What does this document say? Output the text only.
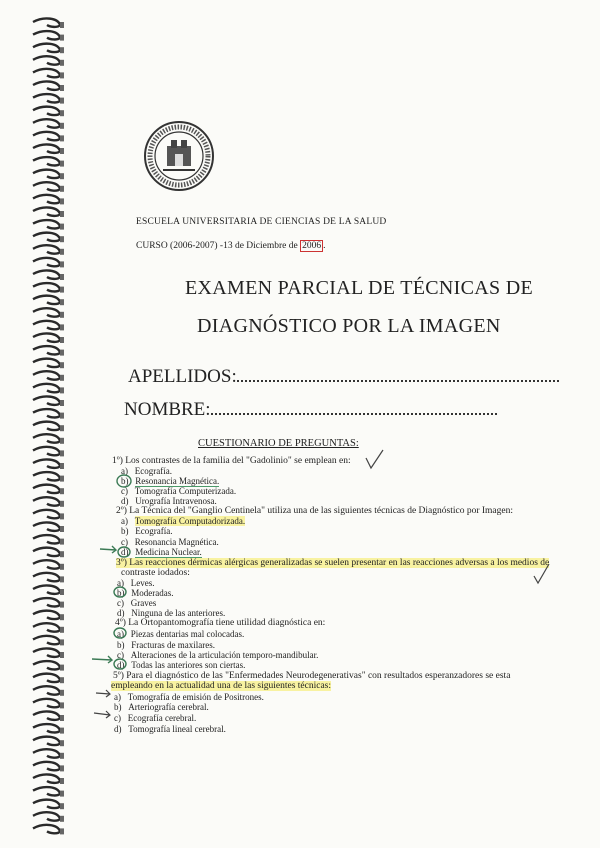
ESCUELA UNIVERSITARIA DE CIENCIAS DE LA SALUD
CURSO (2006-2007) -13 de Diciembre de 2006 .
EXAMEN PARCIAL DE TÉCNICAS DE
DIAGNÓSTICO POR LA IMAGEN
APELLIDOS:
NOMBRE:
CUESTIONARIO DE PREGUNTAS:
1º) Los contrastes de la familia del "Gadolinio" se emplean en:
a) Ecografía.
b) Resonancia Magnética.
c) Tomografía Computerizada.
d) Urografía Intravenosa.
2º) La Técnica del "Ganglio Centinela" utiliza una de las siguientes técnicas de Diagnóstico por Imagen:
a) Tomografía Computadorizada.
b) Ecografía.
c) Resonancia Magnética.
d) Medicina Nuclear.
3º) Las reacciones dérmicas alérgicas generalizadas se suelen presentar en las reacciones adversas a los medios de
contraste iodados:
a) Leves.
b) Moderadas.
c) Graves
d) Ninguna de las anteriores.
4º) La Ortopantomografía tiene utilidad diagnóstica en:
a) Piezas dentarias mal colocadas.
b) Fracturas de maxilares.
c) Alteraciones de la articulación temporo-mandibular.
d) Todas las anteriores son ciertas.
5º) Para el diagnóstico de las "Enfermedades Neurodegenerativas" con resultados esperanzadores se esta
empleando en la actualidad una de las siguientes técnicas:
a) Tomografía de emisión de Positrones.
b) Arteriografía cerebral.
c) Ecografía cerebral.
d) Tomografía lineal cerebral.
